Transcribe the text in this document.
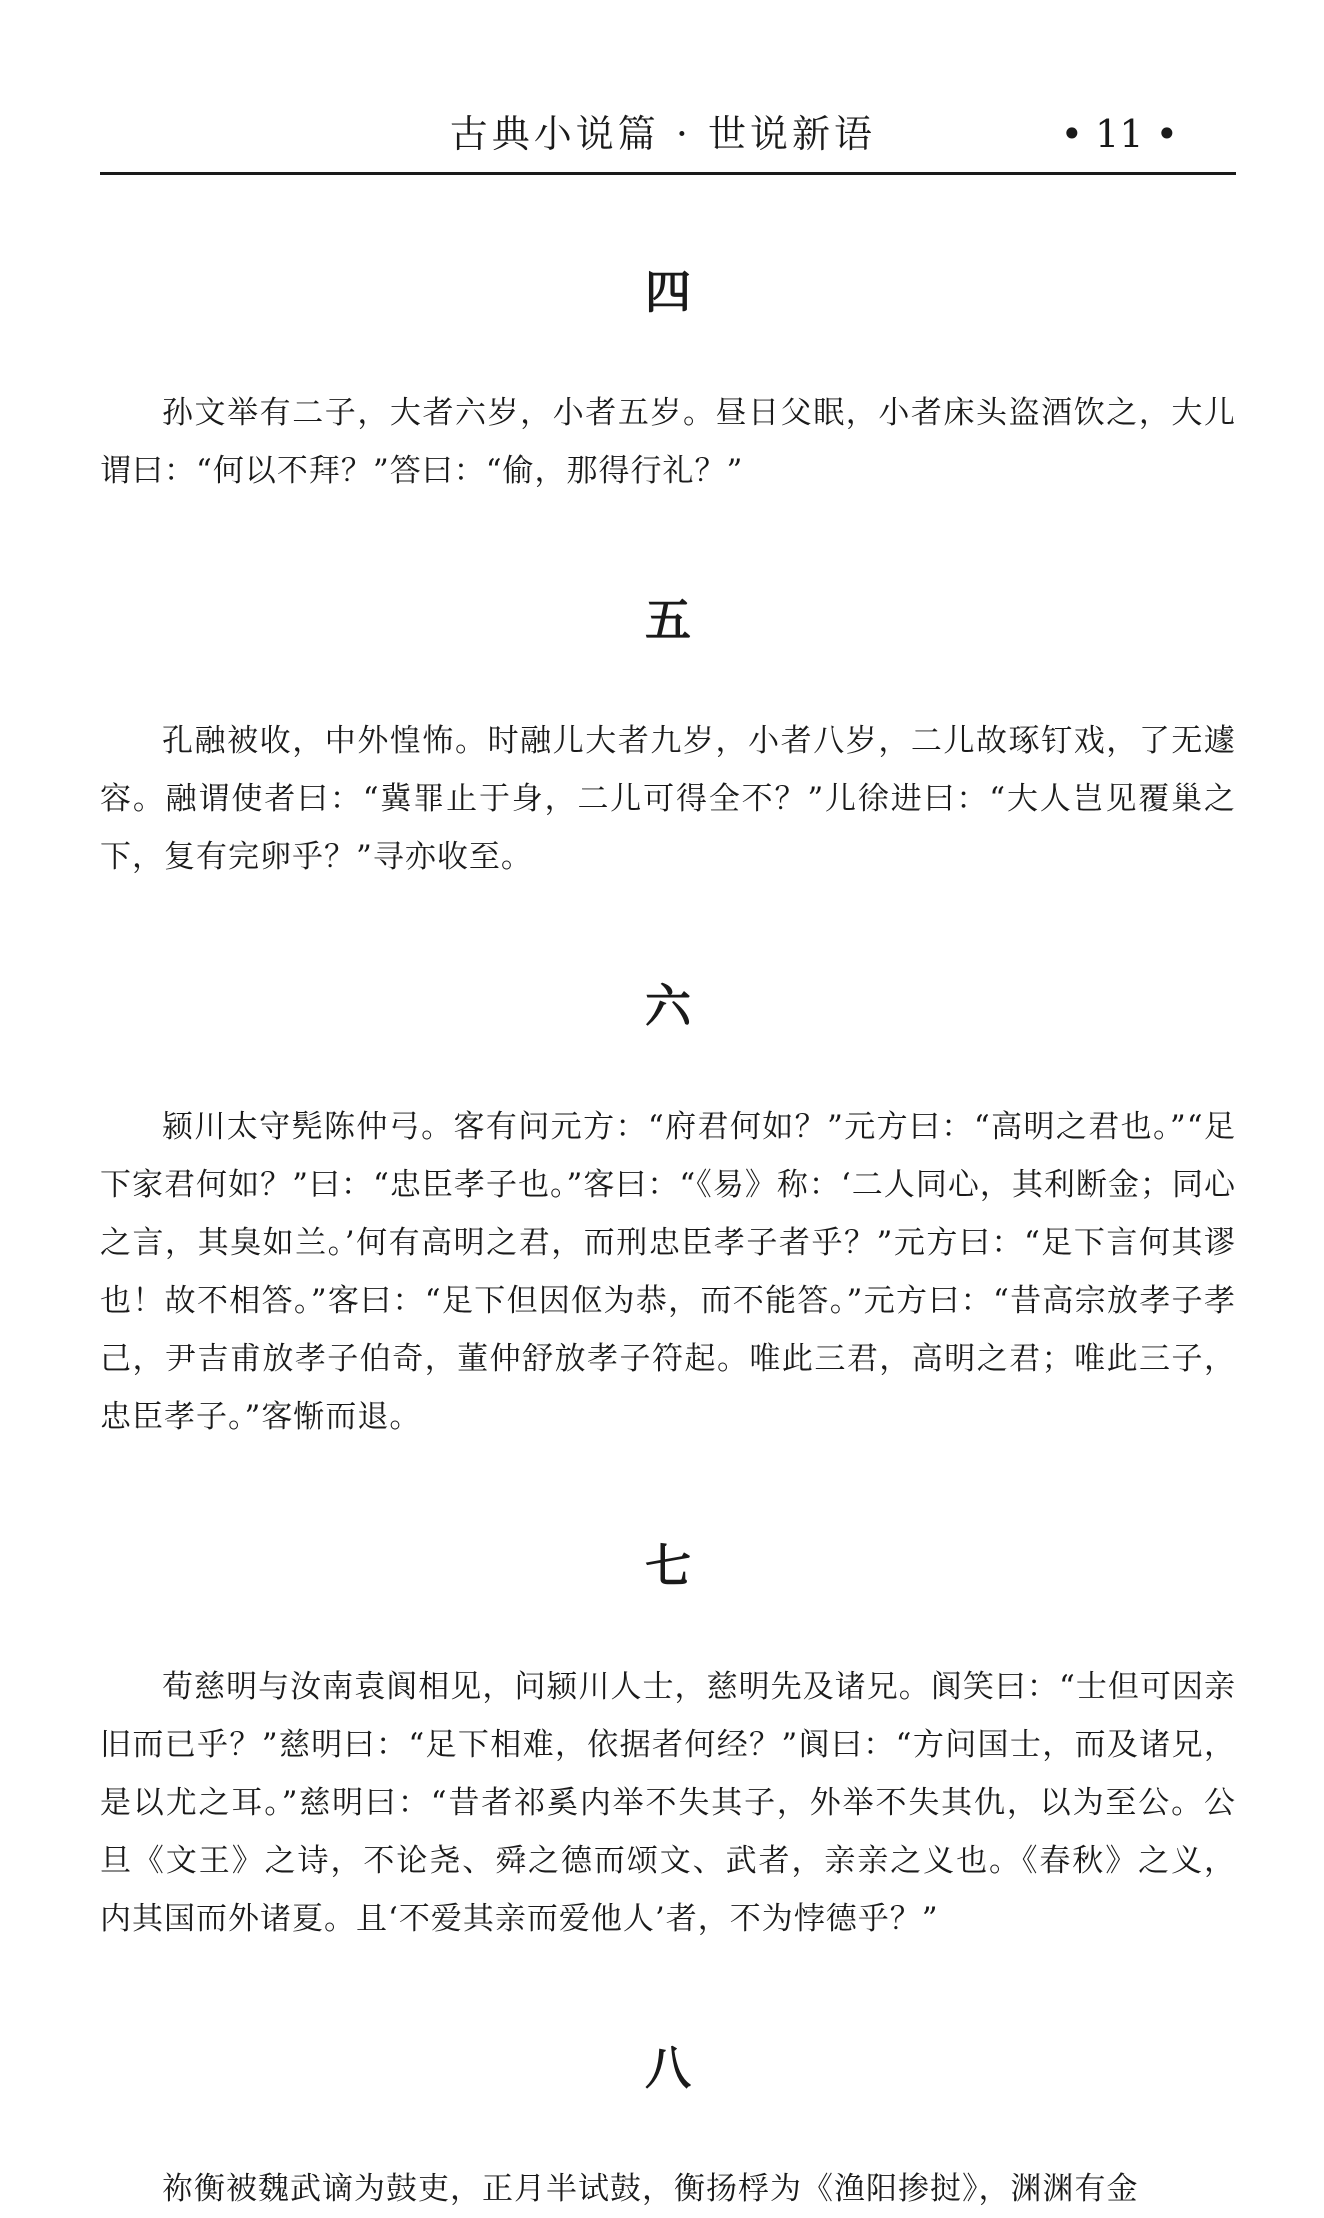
古典小说篇 · 世说新语	• 11 •
四

孙文举有二子，大者六岁，小者五岁。昼日父眠，小者床头盗酒饮之，大儿谓曰：“何以不拜？”答曰：“偷，那得行礼？”

五

孔融被收，中外惶怖。时融儿大者九岁，小者八岁，二儿故琢钉戏，了无遽容。融谓使者曰：“冀罪止于身，二儿可得全不？”儿徐进曰：“大人岂见覆巢之下，复有完卵乎？”寻亦收至。

六

颍川太守髡陈仲弓。客有问元方：“府君何如？”元方曰：“高明之君也。”“足下家君何如？”曰：“忠臣孝子也。”客曰：“《易》称：‘二人同心，其利断金；同心之言，其臭如兰。’何有高明之君，而刑忠臣孝子者乎？”元方曰：“足下言何其谬也！故不相答。”客曰：“足下但因伛为恭，而不能答。”元方曰：“昔高宗放孝子孝己，尹吉甫放孝子伯奇，董仲舒放孝子符起。唯此三君，高明之君；唯此三子，忠臣孝子。”客惭而退。

七

荀慈明与汝南袁阆相见，问颍川人士，慈明先及诸兄。阆笑曰：“士但可因亲旧而已乎？”慈明曰：“足下相难，依据者何经？”阆曰：“方问国士，而及诸兄，是以尤之耳。”慈明曰：“昔者祁奚内举不失其子，外举不失其仇，以为至公。公旦《文王》之诗，不论尧、舜之德而颂文、武者，亲亲之义也。《春秋》之义，内其国而外诸夏。且‘不爱其亲而爱他人’者，不为悖德乎？”

八

祢衡被魏武谪为鼓吏，正月半试鼓，衡扬桴为《渔阳掺挝》，渊渊有金
